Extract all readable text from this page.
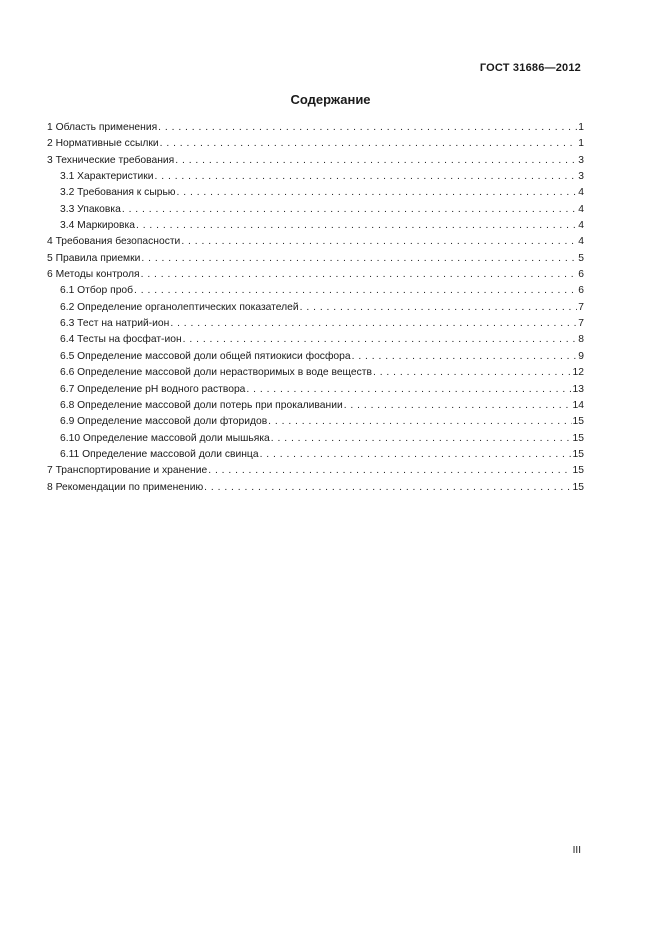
ГОСТ 31686—2012
Содержание
1 Область применения . . .	1
2 Нормативные ссылки . . .	1
3 Технические требования . . .	3
3.1 Характеристики . . .	3
3.2 Требования к сырью . . .	4
3.3 Упаковка . . .	4
3.4 Маркировка . . .	4
4 Требования безопасности . . .	4
5 Правила приемки . . .	5
6 Методы контроля . . .	6
6.1 Отбор проб . . .	6
6.2 Определение органолептических показателей . . .	7
6.3 Тест на натрий-ион . . .	7
6.4 Тесты на фосфат-ион . . .	8
6.5 Определение массовой доли общей пятиокиси фосфора . . .	9
6.6 Определение массовой доли нерастворимых в воде веществ . . .	12
6.7 Определение рН водного раствора . . .	13
6.8 Определение массовой доли потерь при прокаливании . . .	14
6.9 Определение массовой доли фторидов . . .	15
6.10 Определение массовой доли мышьяка . . .	15
6.11 Определение массовой доли свинца . . .	15
7 Транспортирование и хранение . . .	15
8 Рекомендации по применению . . .	15
III
